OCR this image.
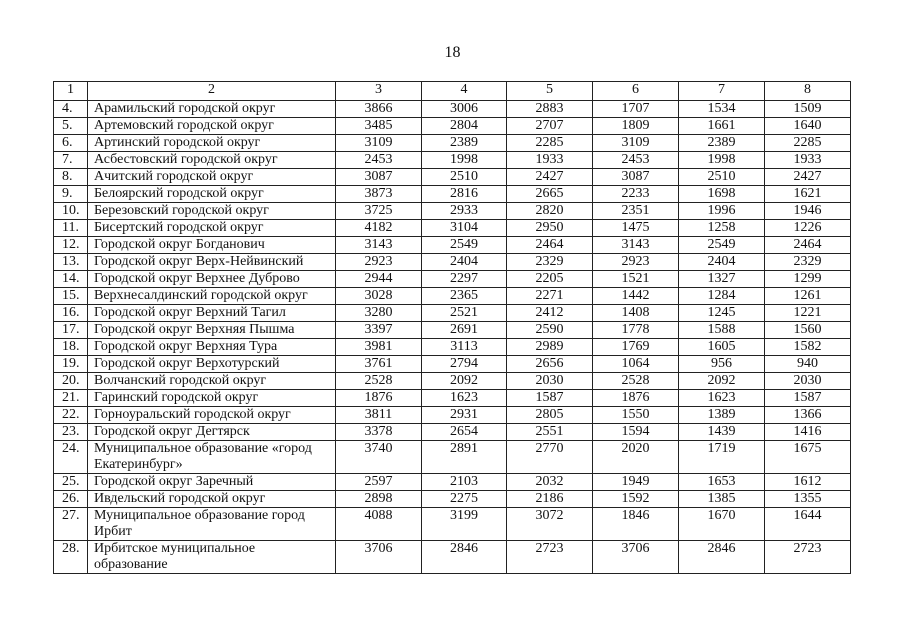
18
1	2	3	4	5	6	7	8
4.	Арамильский городской округ	3866	3006	2883	1707	1534	1509
5.	Артемовский городской округ	3485	2804	2707	1809	1661	1640
6.	Артинский городской округ	3109	2389	2285	3109	2389	2285
7.	Асбестовский городской округ	2453	1998	1933	2453	1998	1933
8.	Ачитский городской округ	3087	2510	2427	3087	2510	2427
9.	Белоярский городской округ	3873	2816	2665	2233	1698	1621
10.	Березовский городской округ	3725	2933	2820	2351	1996	1946
11.	Бисертский городской округ	4182	3104	2950	1475	1258	1226
12.	Городской округ Богданович	3143	2549	2464	3143	2549	2464
13.	Городской округ Верх-Нейвинский	2923	2404	2329	2923	2404	2329
14.	Городской округ Верхнее Дуброво	2944	2297	2205	1521	1327	1299
15.	Верхнесалдинский городской округ	3028	2365	2271	1442	1284	1261
16.	Городской округ Верхний Тагил	3280	2521	2412	1408	1245	1221
17.	Городской округ Верхняя Пышма	3397	2691	2590	1778	1588	1560
18.	Городской округ Верхняя Тура	3981	3113	2989	1769	1605	1582
19.	Городской округ Верхотурский	3761	2794	2656	1064	956	940
20.	Волчанский городской округ	2528	2092	2030	2528	2092	2030
21.	Гаринский городской округ	1876	1623	1587	1876	1623	1587
22.	Горноуральский городской округ	3811	2931	2805	1550	1389	1366
23.	Городской округ Дегтярск	3378	2654	2551	1594	1439	1416
24.	Муниципальное образование «город Екатеринбург»	3740	2891	2770	2020	1719	1675
25.	Городской округ Заречный	2597	2103	2032	1949	1653	1612
26.	Ивдельский городской округ	2898	2275	2186	1592	1385	1355
27.	Муниципальное образование город Ирбит	4088	3199	3072	1846	1670	1644
28.	Ирбитское муниципальное образование	3706	2846	2723	3706	2846	2723
